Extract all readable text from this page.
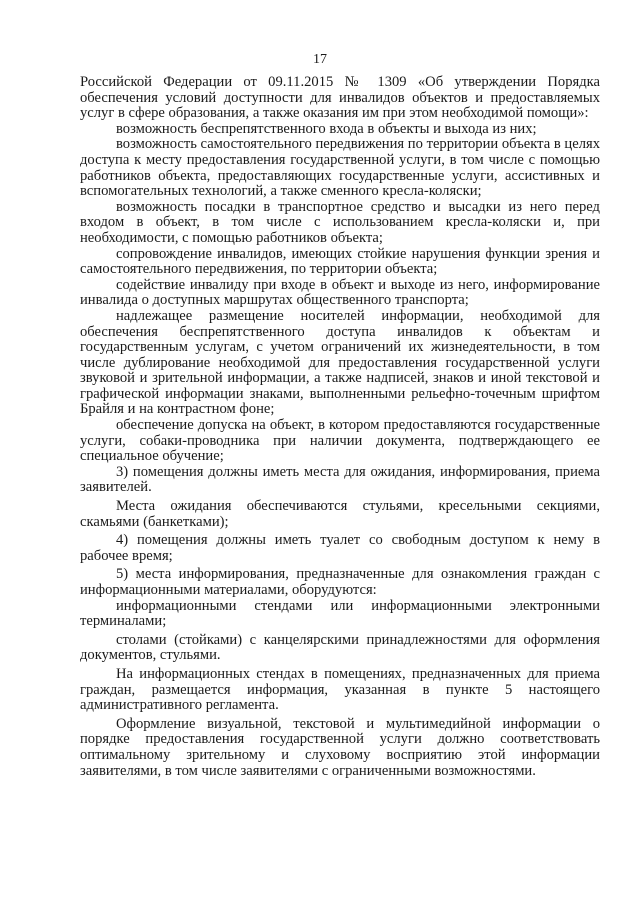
17

Российской Федерации от 09.11.2015 № 1309 «Об утверждении Порядка обеспечения условий доступности для инвалидов объектов и предоставляемых услуг в сфере образования, а также оказания им при этом необходимой помощи»:

возможность беспрепятственного входа в объекты и выхода из них;

возможность самостоятельного передвижения по территории объекта в целях доступа к месту предоставления государственной услуги, в том числе с помощью работников объекта, предоставляющих государственные услуги, ассистивных и вспомогательных технологий, а также сменного кресла-коляски;

возможность посадки в транспортное средство и высадки из него перед входом в объект, в том числе с использованием кресла-коляски и, при необходимости, с помощью работников объекта;

сопровождение инвалидов, имеющих стойкие нарушения функции зрения и самостоятельного передвижения, по территории объекта;

содействие инвалиду при входе в объект и выходе из него, информирование инвалида о доступных маршрутах общественного транспорта;

надлежащее размещение носителей информации, необходимой для обеспечения беспрепятственного доступа инвалидов к объектам и государственным услугам, с учетом ограничений их жизнедеятельности, в том числе дублирование необходимой для предоставления государственной услуги звуковой и зрительной информации, а также надписей, знаков и иной текстовой и графической информации знаками, выполненными рельефно-точечным шрифтом Брайля и на контрастном фоне;

обеспечение допуска на объект, в котором предоставляются государственные услуги, собаки-проводника при наличии документа, подтверждающего ее специальное обучение;

3) помещения должны иметь места для ожидания, информирования, приема заявителей.

Места ожидания обеспечиваются стульями, кресельными секциями, скамьями (банкетками);

4) помещения должны иметь туалет со свободным доступом к нему в рабочее время;

5) места информирования, предназначенные для ознакомления граждан с информационными материалами, оборудуются:

информационными стендами или информационными электронными терминалами;

столами (стойками) с канцелярскими принадлежностями для оформления документов, стульями.

На информационных стендах в помещениях, предназначенных для приема граждан, размещается информация, указанная в пункте 5 настоящего административного регламента.

Оформление визуальной, текстовой и мультимедийной информации о порядке предоставления государственной услуги должно соответствовать оптимальному зрительному и слуховому восприятию этой информации заявителями, в том числе заявителями с ограниченными возможностями.
